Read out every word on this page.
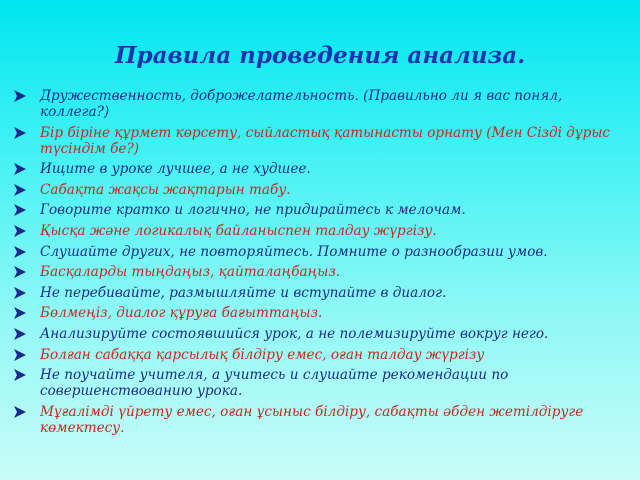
Правила проведения анализа.
Дружественность, доброжелательность. (Правильно ли я вас понял, коллега?)
Бір біріне құрмет көрсету, сыйластық қатынасты орнату (Мен Сізді дұрыс түсіндім бе?)
Ищите в уроке лучшее, а не худшее.
Сабақта жақсы жақтарын табу.
Говорите кратко и логично, не придирайтесь к мелочам.
Қысқа және логикалық байланыспен талдау жүргізу.
Слушайте других, не повторяйтесь. Помните о разнообразии умов.
Басқаларды тыңдаңыз, қайталаңбаңыз.
Не перебивайте, размышляйте и вступайте в диалог.
Бөлмеңіз, диалог құруға бағыттаңыз.
Анализируйте состоявшийся урок, а не полемизируйте вокруг него.
Болған сабаққа қарсылық білдіру емес, оған талдау жүргізу
Не поучайте учителя, а учитесь и слушайте рекомендации по совершенствованию урока.
Мұғалімді үйрету емес, оған ұсыныс білдіру, сабақты әбден жетілдіруге көмектесу.
